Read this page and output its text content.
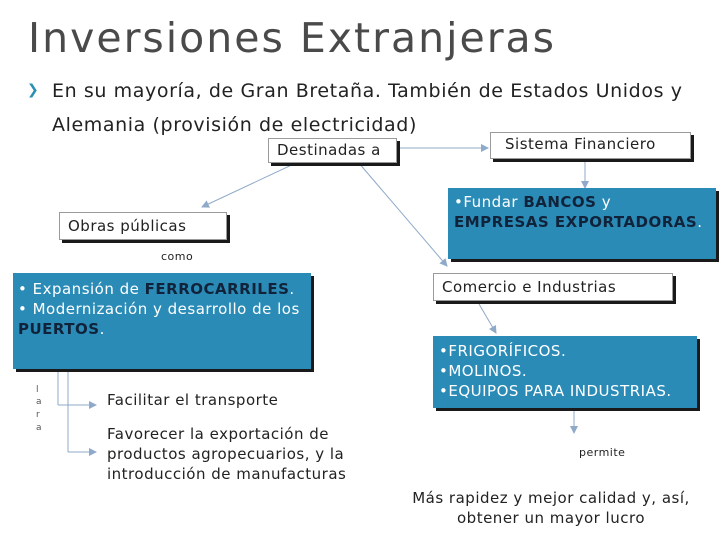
Inversiones Extranjeras
❯ En su mayoría, de Gran Bretaña. También de Estados Unidos y Alemania (provisión de electricidad)
Destinadas a	Sistema Financiero
•Fundar BANCOS y EMPRESAS EXPORTADORAS.
Obras públicas
como
• Expansión de FERROCARRILES.
• Modernización y desarrollo de los PUERTOS.
Comercio e Industrias
•FRIGORÍFICOS.
•MOLINOS.
•EQUIPOS PARA INDUSTRIAS.
permite
Facilitar el transporte
Favorecer la exportación de productos agropecuarios, y la introducción de manufacturas
Más rapidez y mejor calidad y, así, obtener un mayor lucro
l
a
r
a
